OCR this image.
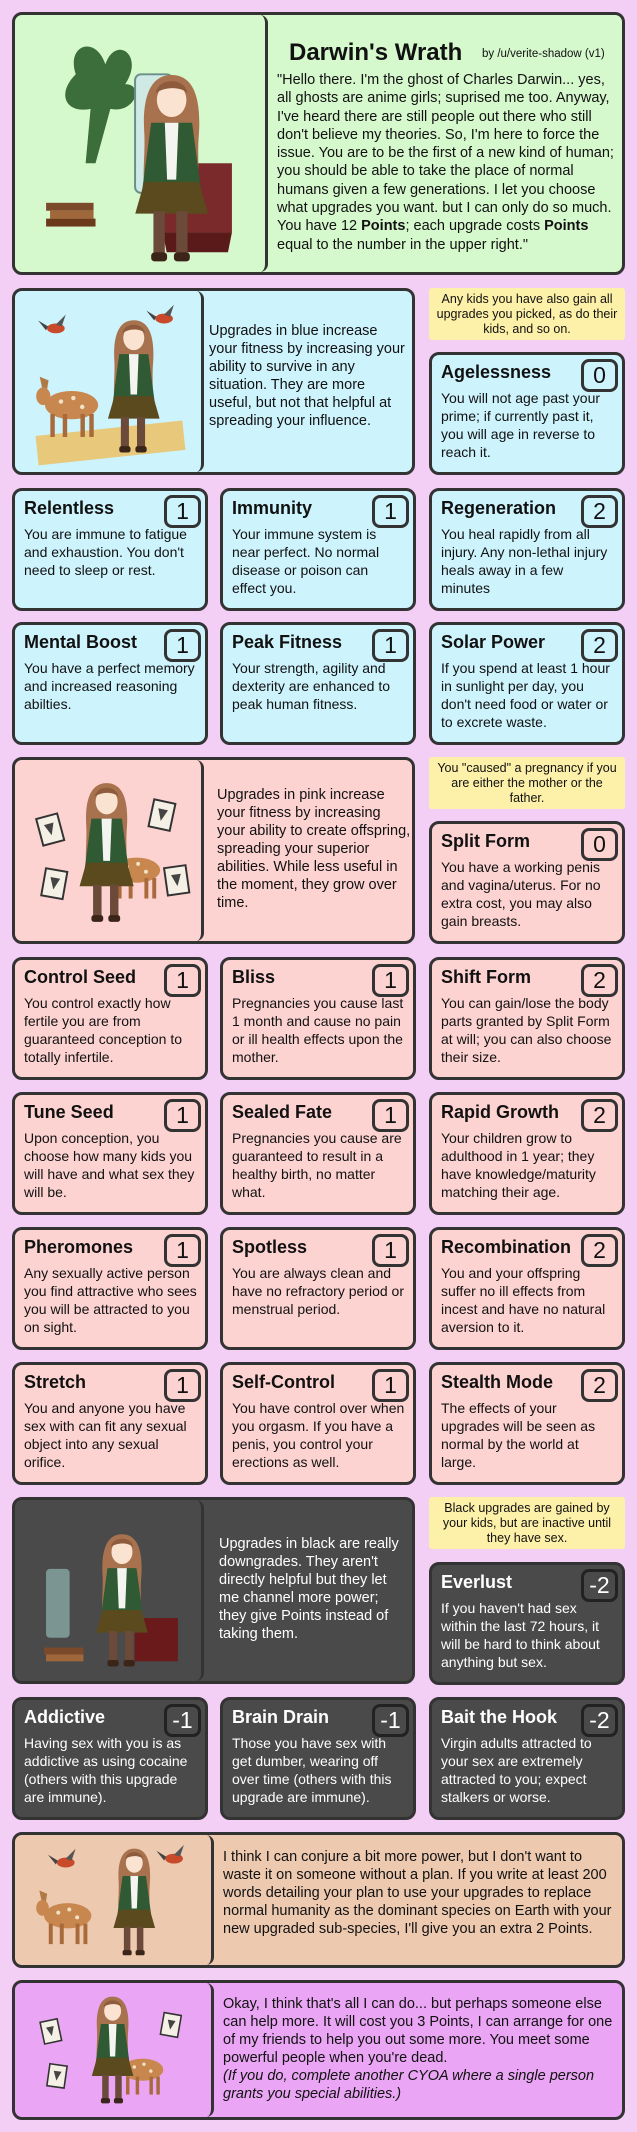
Darwin's Wrath by /u/verite-shadow (v1)
"Hello there. I'm the ghost of Charles Darwin... yes, all ghosts are anime girls; suprised me too. Anyway, I've heard there are still people out there who still don't believe my theories. So, I'm here to force the issue. You are to be the first of a new kind of human; you should be able to take the place of normal humans given a few generations. I let you choose what upgrades you want. but I can only do so much. You have 12 Points; each upgrade costs Points equal to the number in the upper right."
Upgrades in blue increase your fitness by increasing your ability to survive in any situation. They are more useful, but not that helpful at spreading your influence.
Any kids you have also gain all upgrades you picked, as do their kids, and so on.
Agelessness	0
You will not age past your prime; if currently past it, you will age in reverse to reach it.
Relentless	1
You are immune to fatigue and exhaustion. You don't need to sleep or rest.
Immunity	1
Your immune system is near perfect. No normal disease or poison can effect you.
Regeneration	2
You heal rapidly from all injury. Any non-lethal injury heals away in a few minutes
Mental Boost	1
You have a perfect memory and increased reasoning abilties.
Peak Fitness	1
Your strength, agility and dexterity are enhanced to peak human fitness.
Solar Power	2
If you spend at least 1 hour in sunlight per day, you don't need food or water or to excrete waste.
Upgrades in pink increase your fitness by increasing your ability to create offspring, spreading your superior abilities. While less useful in the moment, they grow over time.
You "caused" a pregnancy if you are either the mother or the father.
Split Form	0
You have a working penis and vagina/uterus. For no extra cost, you may also gain breasts.
Control Seed	1
You control exactly how fertile you are from guaranteed conception to totally infertile.
Bliss	1
Pregnancies you cause last 1 month and cause no pain or ill health effects upon the mother.
Shift Form	2
You can gain/lose the body parts granted by Split Form at will; you can also choose their size.
Tune Seed	1
Upon conception, you choose how many kids you will have and what sex they will be.
Sealed Fate	1
Pregnancies you cause are guaranteed to result in a healthy birth, no matter what.
Rapid Growth	2
Your children grow to adulthood in 1 year; they have knowledge/maturity matching their age.
Pheromones	1
Any sexually active person you find attractive who sees you will be attracted to you on sight.
Spotless	1
You are always clean and have no refractory period or menstrual period.
Recombination 2
You and your offspring suffer no ill effects from incest and have no natural aversion to it.
Stretch	1
You and anyone you have sex with can fit any sexual object into any sexual orifice.
Self-Control	1
You have control over when you orgasm. If you have a penis, you control your erections as well.
Stealth Mode	2
The effects of your upgrades will be seen as normal by the world at large.
Upgrades in black are really downgrades. They aren't directly helpful but they let me channel more power; they give Points instead of taking them.
Black upgrades are gained by your kids, but are inactive until they have sex.
Everlust	-2
If you haven't had sex within the last 72 hours, it will be hard to think about anything but sex.
Addictive	-1
Having sex with you is as addictive as using cocaine (others with this upgrade are immune).
Brain Drain	-1
Those you have sex with get dumber, wearing off over time (others with this upgrade are immune).
Bait the Hook	-2
Virgin adults attracted to your sex are extremely attracted to you; expect stalkers or worse.
I think I can conjure a bit more power, but I don't want to waste it on someone without a plan. If you write at least 200 words detailing your plan to use your upgrades to replace normal humanity as the dominant species on Earth with your new upgraded sub-species, I'll give you an extra 2 Points.
Okay, I think that's all I can do... but perhaps someone else can help more. It will cost you 3 Points, I can arrange for one of my friends to help you out some more. You meet some powerful people when you're dead.
(If you do, complete another CYOA where a single person grants you special abilities.)
